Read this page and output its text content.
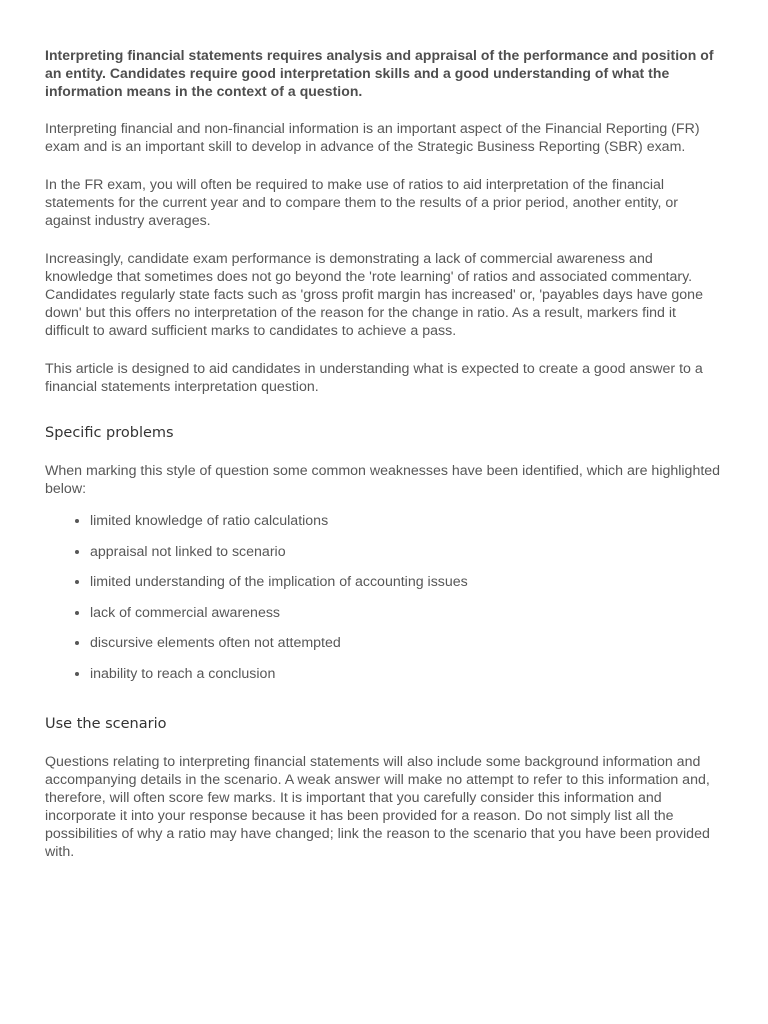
Interpreting financial statements requires analysis and appraisal of the performance and position of an entity. Candidates require good interpretation skills and a good understanding of what the information means in the context of a question.

Interpreting financial and non-financial information is an important aspect of the Financial Reporting (FR) exam and is an important skill to develop in advance of the Strategic Business Reporting (SBR) exam.

In the FR exam, you will often be required to make use of ratios to aid interpretation of the financial statements for the current year and to compare them to the results of a prior period, another entity, or against industry averages.

Increasingly, candidate exam performance is demonstrating a lack of commercial awareness and knowledge that sometimes does not go beyond the 'rote learning' of ratios and associated commentary. Candidates regularly state facts such as 'gross profit margin has increased' or, 'payables days have gone down' but this offers no interpretation of the reason for the change in ratio. As a result, markers find it difficult to award sufficient marks to candidates to achieve a pass.

This article is designed to aid candidates in understanding what is expected to create a good answer to a financial statements interpretation question.

Specific problems

When marking this style of question some common weaknesses have been identified, which are highlighted below:

• limited knowledge of ratio calculations
• appraisal not linked to scenario
• limited understanding of the implication of accounting issues
• lack of commercial awareness
• discursive elements often not attempted
• inability to reach a conclusion
Use the scenario

Questions relating to interpreting financial statements will also include some background information and accompanying details in the scenario. A weak answer will make no attempt to refer to this information and, therefore, will often score few marks. It is important that you carefully consider this information and incorporate it into your response because it has been provided for a reason. Do not simply list all the possibilities of why a ratio may have changed; link the reason to the scenario that you have been provided with.
